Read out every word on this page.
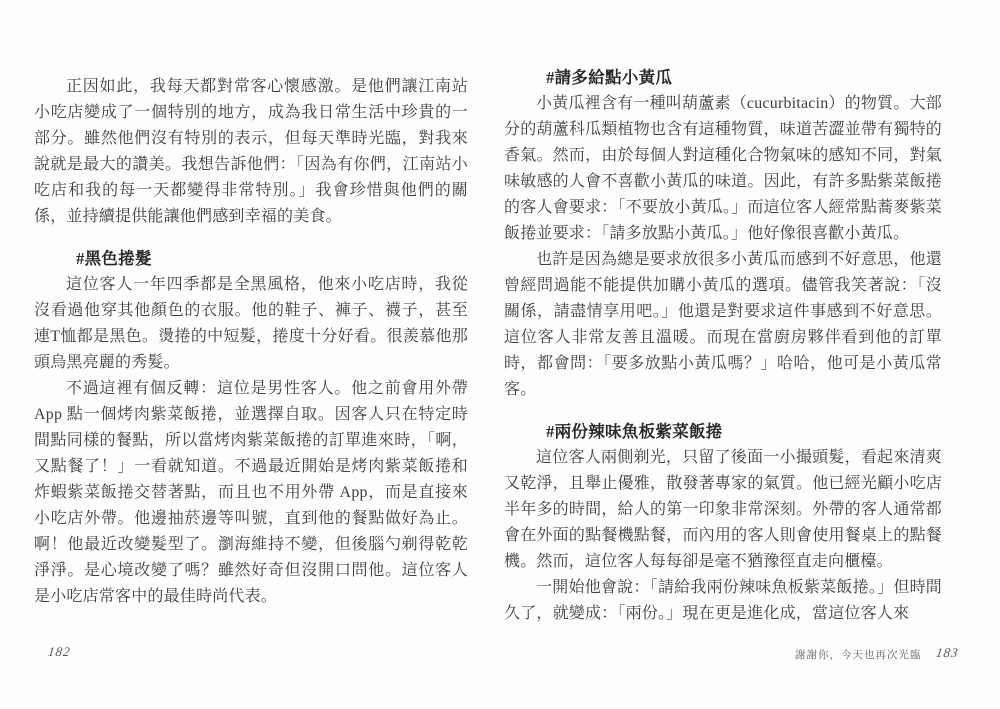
正因如此，我每天都對常客心懷感激。是他們讓江南站小吃店變成了一個特別的地方，成為我日常生活中珍貴的一部分。雖然他們沒有特別的表示，但每天準時光臨，對我來說就是最大的讚美。我想告訴他們：「因為有你們，江南站小吃店和我的每一天都變得非常特別。」我會珍惜與他們的關係，並持續提供能讓他們感到幸福的美食。

#黑色捲髮

這位客人一年四季都是全黑風格，他來小吃店時，我從沒看過他穿其他顏色的衣服。他的鞋子、褲子、襪子，甚至連T恤都是黑色。燙捲的中短髮，捲度十分好看。很羨慕他那頭烏黑亮麗的秀髮。

不過這裡有個反轉：這位是男性客人。他之前會用外帶 App 點一個烤肉紫菜飯捲，並選擇自取。因客人只在特定時間點同樣的餐點，所以當烤肉紫菜飯捲的訂單進來時，「啊，又點餐了！」一看就知道。不過最近開始是烤肉紫菜飯捲和炸蝦紫菜飯捲交替著點，而且也不用外帶 App，而是直接來小吃店外帶。他邊抽菸邊等叫號，直到他的餐點做好為止。啊！他最近改變髮型了。瀏海維持不變，但後腦勺剃得乾乾淨淨。是心境改變了嗎？雖然好奇但沒開口問他。這位客人是小吃店常客中的最佳時尚代表。

182
#請多給點小黃瓜

小黃瓜裡含有一種叫葫蘆素（cucurbitacin）的物質。大部分的葫蘆科瓜類植物也含有這種物質，味道苦澀並帶有獨特的香氣。然而，由於每個人對這種化合物氣味的感知不同，對氣味敏感的人會不喜歡小黃瓜的味道。因此，有許多點紫菜飯捲的客人會要求：「不要放小黃瓜。」而這位客人經常點蕎麥紫菜飯捲並要求：「請多放點小黃瓜。」他好像很喜歡小黃瓜。

也許是因為總是要求放很多小黃瓜而感到不好意思，他還曾經問過能不能提供加購小黃瓜的選項。儘管我笑著說：「沒關係，請盡情享用吧。」他還是對要求這件事感到不好意思。這位客人非常友善且溫暖。而現在當廚房夥伴看到他的訂單時，都會問：「要多放點小黃瓜嗎？」哈哈，他可是小黃瓜常客。

#兩份辣味魚板紫菜飯捲

這位客人兩側剃光，只留了後面一小撮頭髮，看起來清爽又乾淨，且舉止優雅，散發著專家的氣質。他已經光顧小吃店半年多的時間，給人的第一印象非常深刻。外帶的客人通常都會在外面的點餐機點餐，而內用的客人則會使用餐桌上的點餐機。然而，這位客人每每卻是毫不猶豫徑直走向櫃檯。

一開始他會說：「請給我兩份辣味魚板紫菜飯捲。」但時間久了，就變成：「兩份。」現在更是進化成，當這位客人來

謝謝你，今天也再次光臨 183
